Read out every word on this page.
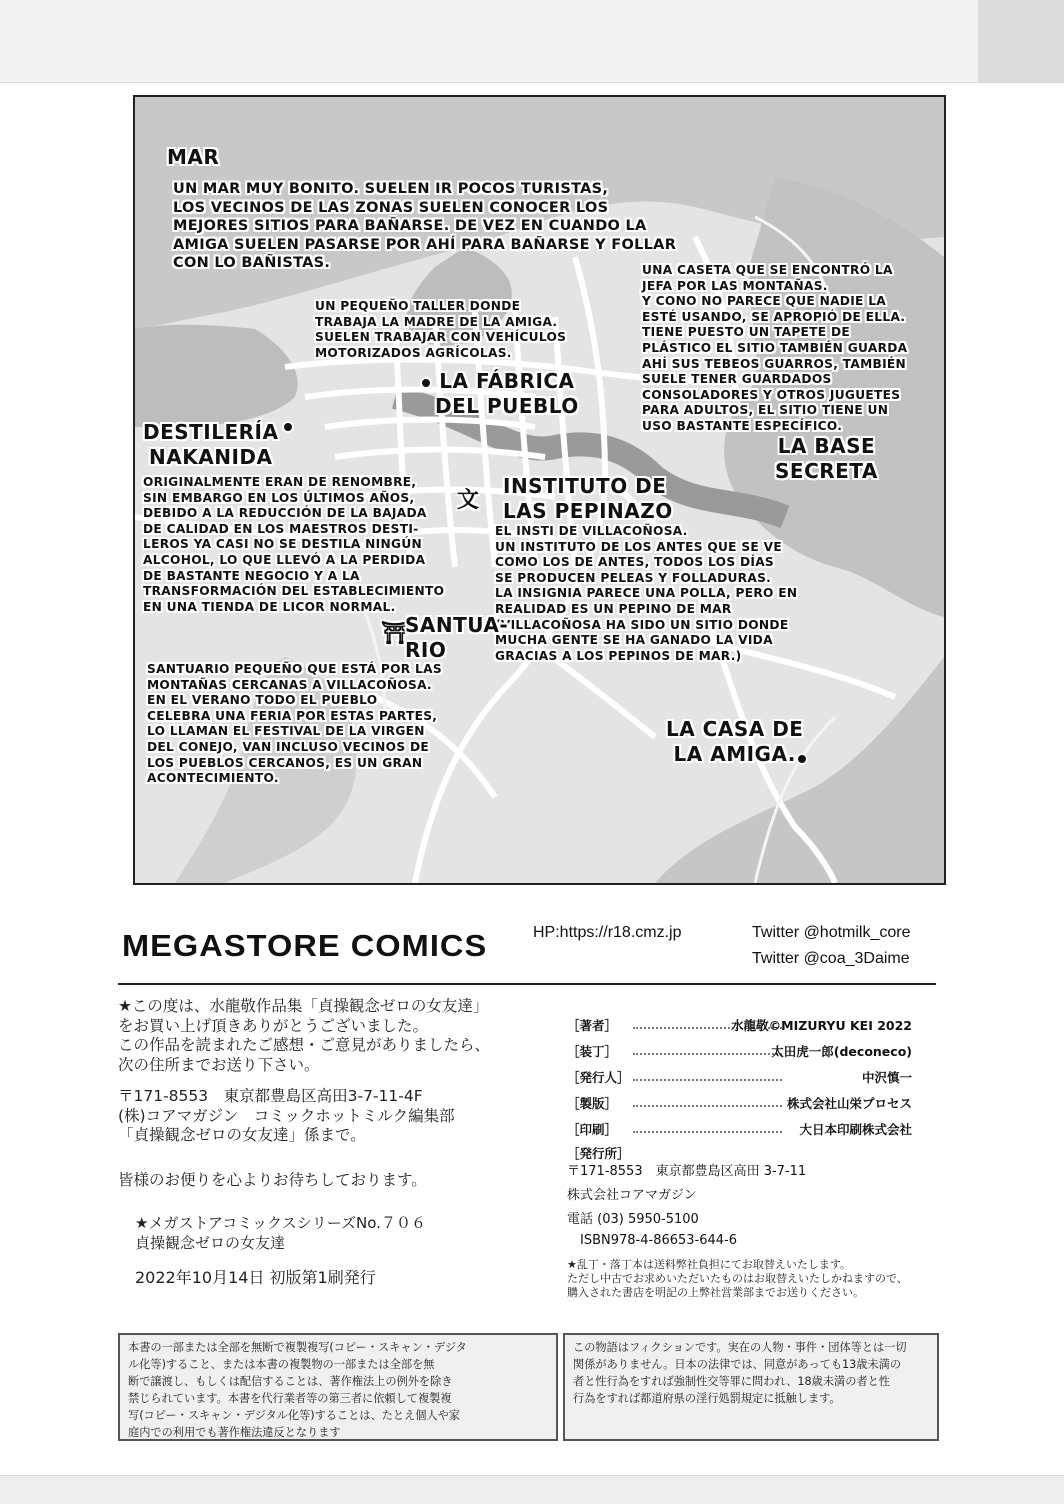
MAR
UN MAR MUY BONITO. SUELEN IR POCOS TURISTAS,
LOS VECINOS DE LAS ZONAS SUELEN CONOCER LOS
MEJORES SITIOS PARA BAÑARSE. DE VEZ EN CUANDO LA
AMIGA SUELEN PASARSE POR AHÍ PARA BAÑARSE Y FOLLAR
CON LO BAÑISTAS.
UN PEQUEÑO TALLER DONDE
TRABAJA LA MADRE DE LA AMIGA.
SUELEN TRABAJAR CON VEHÍCULOS
MOTORIZADOS AGRÍCOLAS.
LA FÁBRICA
DEL PUEBLO
UNA CASETA QUE SE ENCONTRÓ LA
JEFA POR LAS MONTAÑAS.
Y CONO NO PARECE QUE NADIE LA
ESTÉ USANDO, SE APROPIÓ DE ELLA.
TIENE PUESTO UN TAPETE DE
PLÁSTICO EL SITIO TAMBIÉN GUARDA
AHÍ SUS TEBEOS GUARROS, TAMBIÉN
SUELE TENER GUARDADOS
CONSOLADORES Y OTROS JUGUETES
PARA ADULTOS, EL SITIO TIENE UN
USO BASTANTE ESPECÍFICO.
LA BASE
SECRETA
DESTILERÍA
NAKANIDA
ORIGINALMENTE ERAN DE RENOMBRE,
SIN EMBARGO EN LOS ÚLTIMOS AÑOS,
DEBIDO A LA REDUCCIÓN DE LA BAJADA
DE CALIDAD EN LOS MAESTROS DESTI-
LEROS YA CASI NO SE DESTILA NINGÚN
ALCOHOL, LO QUE LLEVÓ A LA PERDIDA
DE BASTANTE NEGOCIO Y A LA
TRANSFORMACIÓN DEL ESTABLECIMIENTO
EN UNA TIENDA DE LICOR NORMAL.
文
INSTITUTO DE
LAS PEPINAZO
EL INSTI DE VILLACOÑOSA.
UN INSTITUTO DE LOS ANTES QUE SE VE
COMO LOS DE ANTES, TODOS LOS DÍAS
SE PRODUCEN PELEAS Y FOLLADURAS.
LA INSIGNIA PARECE UNA POLLA, PERO EN
REALIDAD ES UN PEPINO DE MAR
(VILLACOÑOSA HA SIDO UN SITIO DONDE
MUCHA GENTE SE HA GANADO LA VIDA
GRACIAS A LOS PEPINOS DE MAR.)
⛩
SANTUA-
RIO
SANTUARIO PEQUEÑO QUE ESTÁ POR LAS
MONTAÑAS CERCANAS A VILLACOÑOSA.
EN EL VERANO TODO EL PUEBLO
CELEBRA UNA FERIA POR ESTAS PARTES,
LO LLAMAN EL FESTIVAL DE LA VIRGEN
DEL CONEJO, VAN INCLUSO VECINOS DE
LOS PUEBLOS CERCANOS, ES UN GRAN
ACONTECIMIENTO.
LA CASA DE
LA AMIGA.
MEGASTORE COMICS	HP:https://r18.cmz.jp	Twitter @hotmilk_core
Twitter @coa_3Daime
★この度は、水龍敬作品集「貞操観念ゼロの女友達」
をお買い上げ頂きありがとうございました。
この作品を読まれたご感想・ご意見がありましたら、
次の住所までお送り下さい。
〒171-8553　東京都豊島区高田3-7-11-4F
(株)コアマガジン　コミックホットミルク編集部
「貞操観念ゼロの女友達」係まで。
皆様のお便りを心よりお待ちしております。
★メガストアコミックスシリーズNo.７０６
貞操観念ゼロの女友達
2022年10月14日 初版第1刷発行
［著者］	水龍敬©MIZURYU KEI 2022
［装丁］	太田虎一郎(deconeco)
［発行人］	中沢慎一
［製版］	株式会社山栄プロセス
［印刷］	大日本印刷株式会社
［発行所］
〒171-8553　東京都豊島区高田 3-7-11
株式会社コアマガジン
電話 (03) 5950-5100
ISBN978-4-86653-644-6
★乱丁・落丁本は送料弊社負担にてお取替えいたします。
ただし中古でお求めいただいたものはお取替えいたしかねますので、
購入された書店を明記の上弊社営業部までお送りください。
本書の一部または全部を無断で複製複写(コピー・スキャン・デジタ
ル化等)すること、または本書の複製物の一部または全部を無
断で譲渡し、もしくは配信することは、著作権法上の例外を除き
禁じられています。本書を代行業者等の第三者に依頼して複製複
写(コピー・スキャン・デジタル化等)することは、たとえ個人や家
庭内での利用でも著作権法違反となります
この物語はフィクションです。実在の人物・事件・団体等とは一切
関係がありません。日本の法律では、同意があっても13歳未満の
者と性行為をすれば強制性交等罪に問われ、18歳未満の者と性
行為をすれば都道府県の淫行処罰規定に抵触します。
